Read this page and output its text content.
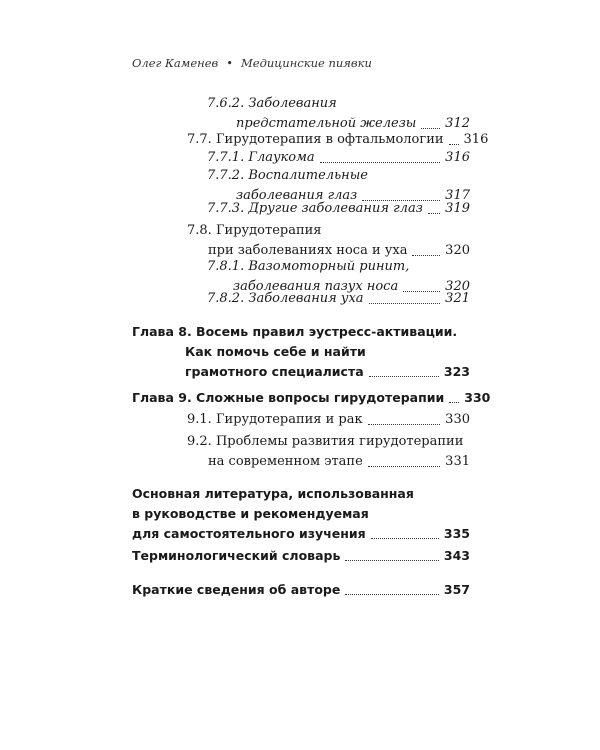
Олег Каменев • Медицинские пиявки
7.6.2. Заболевания
предстательной железы 312
7.7. Гирудотерапия в офтальмологии 316
7.7.1. Глаукома	316
7.7.2. Воспалительные
заболевания глаз	317
7.7.3. Другие заболевания глаз 319
7.8. Гирудотерапия
при заболеваниях носа и уха	320
7.8.1. Вазомоторный ринит,
заболевания пазух носа	320
7.8.2. Заболевания уха	321
Глава 8. Восемь правил эустресс-активации.
Как помочь себе и найти
грамотного специалиста	323
Глава 9. Сложные вопросы гирудотерапии 330
9.1. Гирудотерапия и рак	330
9.2. Проблемы развития гирудотерапии
на современном этапе	331
Основная литература, использованная
в руководстве и рекомендуемая
для самостоятельного изучения	335
Терминологический словарь	343
Краткие сведения об авторе	357
